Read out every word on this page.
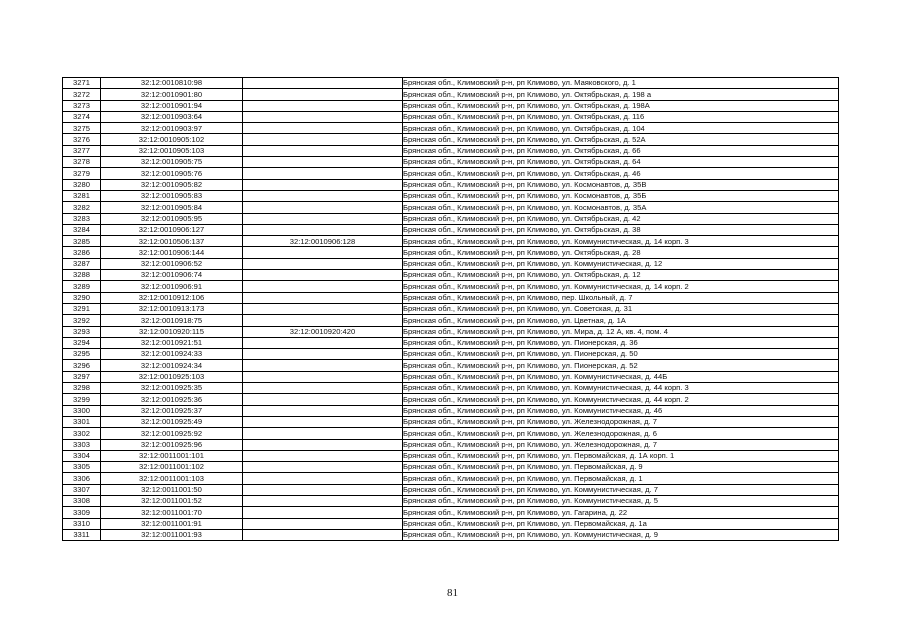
3271	32:12:0010810:98		Брянская обл., Климовский р-н, рп Климово, ул. Маяковского, д. 1
3272	32:12:0010901:80		Брянская обл., Климовский р-н, рп Климово, ул. Октябрьская, д. 198 а
3273	32:12:0010901:94		Брянская обл., Климовский р-н, рп Климово, ул. Октябрьская, д. 198А
3274	32:12:0010903:64		Брянская обл., Климовский р-н, рп Климово, ул. Октябрьская, д. 116
3275	32:12:0010903:97		Брянская обл., Климовский р-н, рп Климово, ул. Октябрьская, д. 104
3276	32:12:0010905:102		Брянская обл., Климовский р-н, рп Климово, ул. Октябрьская, д. 52А
3277	32:12:0010905:103		Брянская обл., Климовский р-н, рп Климово, ул. Октябрьская, д. 66
3278	32:12:0010905:75		Брянская обл., Климовский р-н, рп Климово, ул. Октябрьская, д. 64
3279	32:12:0010905:76		Брянская обл., Климовский р-н, рп Климово, ул. Октябрьская, д. 46
3280	32:12:0010905:82		Брянская обл., Климовский р-н, рп Климово, ул. Космонавтов, д. 35В
3281	32:12:0010905:83		Брянская обл., Климовский р-н, рп Климово, ул. Космонавтов, д. 35Б
3282	32:12:0010905:84		Брянская обл., Климовский р-н, рп Климово, ул. Космонавтов, д. 35А
3283	32:12:0010905:95		Брянская обл., Климовский р-н, рп Климово, ул. Октябрьская, д. 42
3284	32:12:0010906:127		Брянская обл., Климовский р-н, рп Климово, ул. Октябрьская, д. 38
3285	32:12:0010506:137	32:12:0010906:128	Брянская обл., Климовский р-н, рп Климово, ул. Коммунистическая, д. 14 корп. 3
3286	32:12:0010906:144		Брянская обл., Климовский р-н, рп Климово, ул. Октябрьская, д. 28
3287	32:12:0010906:52		Брянская обл., Климовский р-н, рп Климово, ул. Коммунистическая, д. 12
3288	32:12:0010906:74		Брянская обл., Климовский р-н, рп Климово, ул. Октябрьская, д. 12
3289	32:12:0010906:91		Брянская обл., Климовский р-н, рп Климово, ул. Коммунистическая, д. 14 корп. 2
3290	32:12:0010912:106		Брянская обл., Климовский р-н, рп Климово, пер. Школьный, д. 7
3291	32:12:0010913:173		Брянская обл., Климовский р-н, рп Климово, ул. Советская, д. 31
3292	32:12:0010918:75		Брянская обл., Климовский р-н, рп Климово, ул. Цветная, д. 1А
3293	32:12:0010920:115	32:12:0010920:420	Брянская обл., Климовский р-н, рп Климово, ул. Мира, д. 12 А, кв. 4, пом. 4
3294	32:12:0010921:51		Брянская обл., Климовский р-н, рп Климово, ул. Пионерская, д. 36
3295	32:12:0010924:33		Брянская обл., Климовский р-н, рп Климово, ул. Пионерская, д. 50
3296	32:12:0010924:34		Брянская обл., Климовский р-н, рп Климово, ул. Пионерская, д. 52
3297	32:12:0010925:103		Брянская обл., Климовский р-н, рп Климово, ул. Коммунистическая, д. 44Б
3298	32:12:0010925:35		Брянская обл., Климовский р-н, рп Климово, ул. Коммунистическая, д. 44 корп. 3
3299	32:12:0010925:36		Брянская обл., Климовский р-н, рп Климово, ул. Коммунистическая, д. 44 корп. 2
3300	32:12:0010925:37		Брянская обл., Климовский р-н, рп Климово, ул. Коммунистическая, д. 46
3301	32:12:0010925:49		Брянская обл., Климовский р-н, рп Климово, ул. Железнодорожная, д. 7
3302	32:12:0010925:92		Брянская обл., Климовский р-н, рп Климово, ул. Железнодорожная, д. 6
3303	32:12:0010925:96		Брянская обл., Климовский р-н, рп Климово, ул. Железнодорожная, д. 7
3304	32:12:0011001:101		Брянская обл., Климовский р-н, рп Климово, ул. Первомайская, д. 1А корп. 1
3305	32:12:0011001:102		Брянская обл., Климовский р-н, рп Климово, ул. Первомайская, д. 9
3306	32:12:0011001:103		Брянская обл., Климовский р-н, рп Климово, ул. Первомайская, д. 1
3307	32:12:0011001:50		Брянская обл., Климовский р-н, рп Климово, ул. Коммунистическая, д. 7
3308	32:12:0011001:52		Брянская обл., Климовский р-н, рп Климово, ул. Коммунистическая, д. 5
3309	32:12:0011001:70		Брянская обл., Климовский р-н, рп Климово, ул. Гагарина, д. 22
3310	32:12:0011001:91		Брянская обл., Климовский р-н, рп Климово, ул. Первомайская, д. 1а
3311	32:12:0011001:93		Брянская обл., Климовский р-н, рп Климово, ул. Коммунистическая, д. 9
81
